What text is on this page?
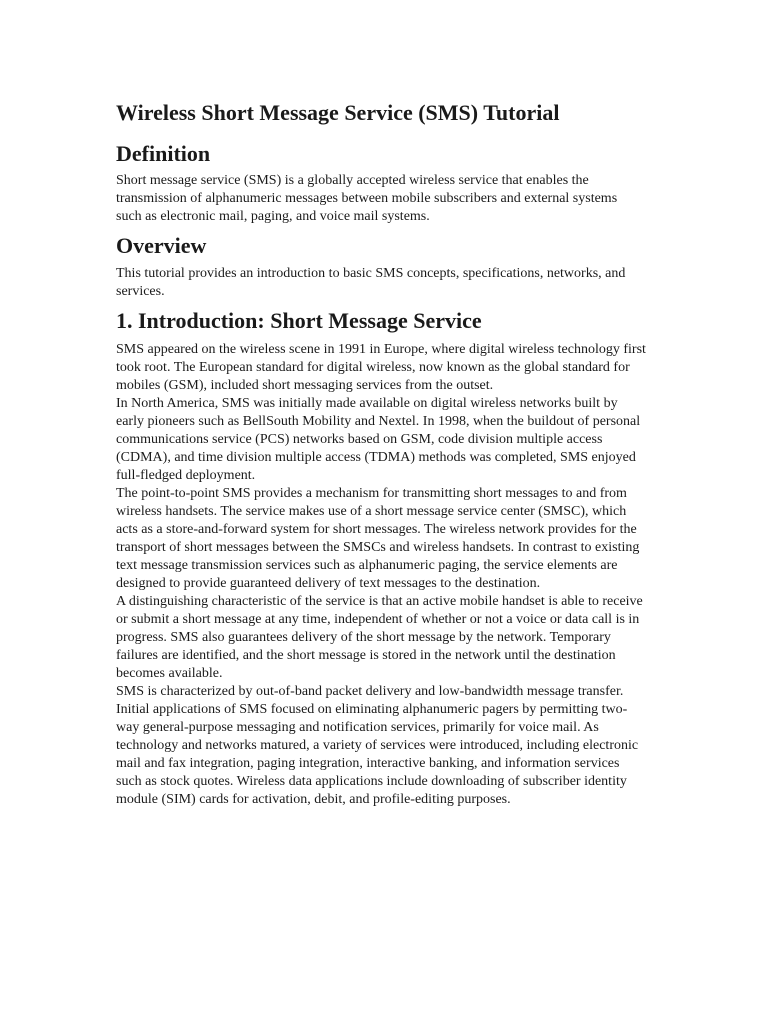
Wireless Short Message Service (SMS) Tutorial
Definition

Short message service (SMS) is a globally accepted wireless service that enables the transmission of alphanumeric messages between mobile subscribers and external systems such as electronic mail, paging, and voice mail systems.

Overview

This tutorial provides an introduction to basic SMS concepts, specifications, networks, and services.

1. Introduction: Short Message Service

SMS appeared on the wireless scene in 1991 in Europe, where digital wireless technology first took root. The European standard for digital wireless, now known as the global standard for mobiles (GSM), included short messaging services from the outset.

In North America, SMS was initially made available on digital wireless networks built by early pioneers such as BellSouth Mobility and Nextel. In 1998, when the buildout of personal communications service (PCS) networks based on GSM, code division multiple access (CDMA), and time division multiple access (TDMA) methods was completed, SMS enjoyed full-fledged deployment.

The point-to-point SMS provides a mechanism for transmitting short messages to and from wireless handsets. The service makes use of a short message service center (SMSC), which acts as a store-and-forward system for short messages. The wireless network provides for the transport of short messages between the SMSCs and wireless handsets. In contrast to existing text message transmission services such as alphanumeric paging, the service elements are designed to provide guaranteed delivery of text messages to the destination.

A distinguishing characteristic of the service is that an active mobile handset is able to receive or submit a short message at any time, independent of whether or not a voice or data call is in progress. SMS also guarantees delivery of the short message by the network. Temporary failures are identified, and the short message is stored in the network until the destination becomes available.

SMS is characterized by out-of-band packet delivery and low-bandwidth message transfer. Initial applications of SMS focused on eliminating alphanumeric pagers by permitting two-way general-purpose messaging and notification services, primarily for voice mail. As technology and networks matured, a variety of services were introduced, including electronic mail and fax integration, paging integration, interactive banking, and information services such as stock quotes. Wireless data applications include downloading of subscriber identity module (SIM) cards for activation, debit, and profile-editing purposes.
